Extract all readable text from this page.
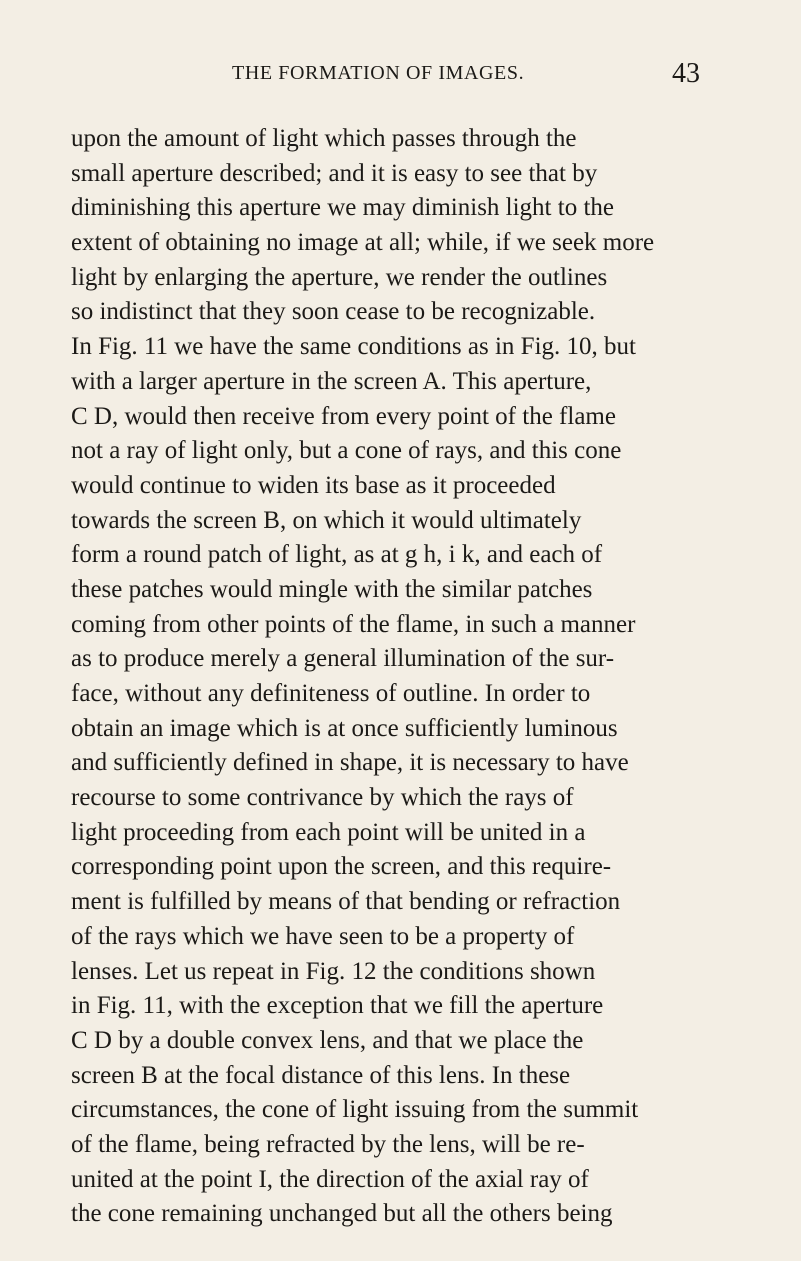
THE FORMATION OF IMAGES.	43
upon the amount of light which passes through the
small aperture described; and it is easy to see that by
diminishing this aperture we may diminish light to the
extent of obtaining no image at all; while, if we seek more
light by enlarging the aperture, we render the outlines
so indistinct that they soon cease to be recognizable.
In Fig. 11 we have the same conditions as in Fig. 10, but
with a larger aperture in the screen A. This aperture,
C D, would then receive from every point of the flame
not a ray of light only, but a cone of rays, and this cone
would continue to widen its base as it proceeded
towards the screen B, on which it would ultimately
form a round patch of light, as at g h, i k, and each of
these patches would mingle with the similar patches
coming from other points of the flame, in such a manner
as to produce merely a general illumination of the sur-
face, without any definiteness of outline. In order to
obtain an image which is at once sufficiently luminous
and sufficiently defined in shape, it is necessary to have
recourse to some contrivance by which the rays of
light proceeding from each point will be united in a
corresponding point upon the screen, and this require-
ment is fulfilled by means of that bending or refraction
of the rays which we have seen to be a property of
lenses. Let us repeat in Fig. 12 the conditions shown
in Fig. 11, with the exception that we fill the aperture
C D by a double convex lens, and that we place the
screen B at the focal distance of this lens. In these
circumstances, the cone of light issuing from the summit
of the flame, being refracted by the lens, will be re-
united at the point I, the direction of the axial ray of
the cone remaining unchanged but all the others being
